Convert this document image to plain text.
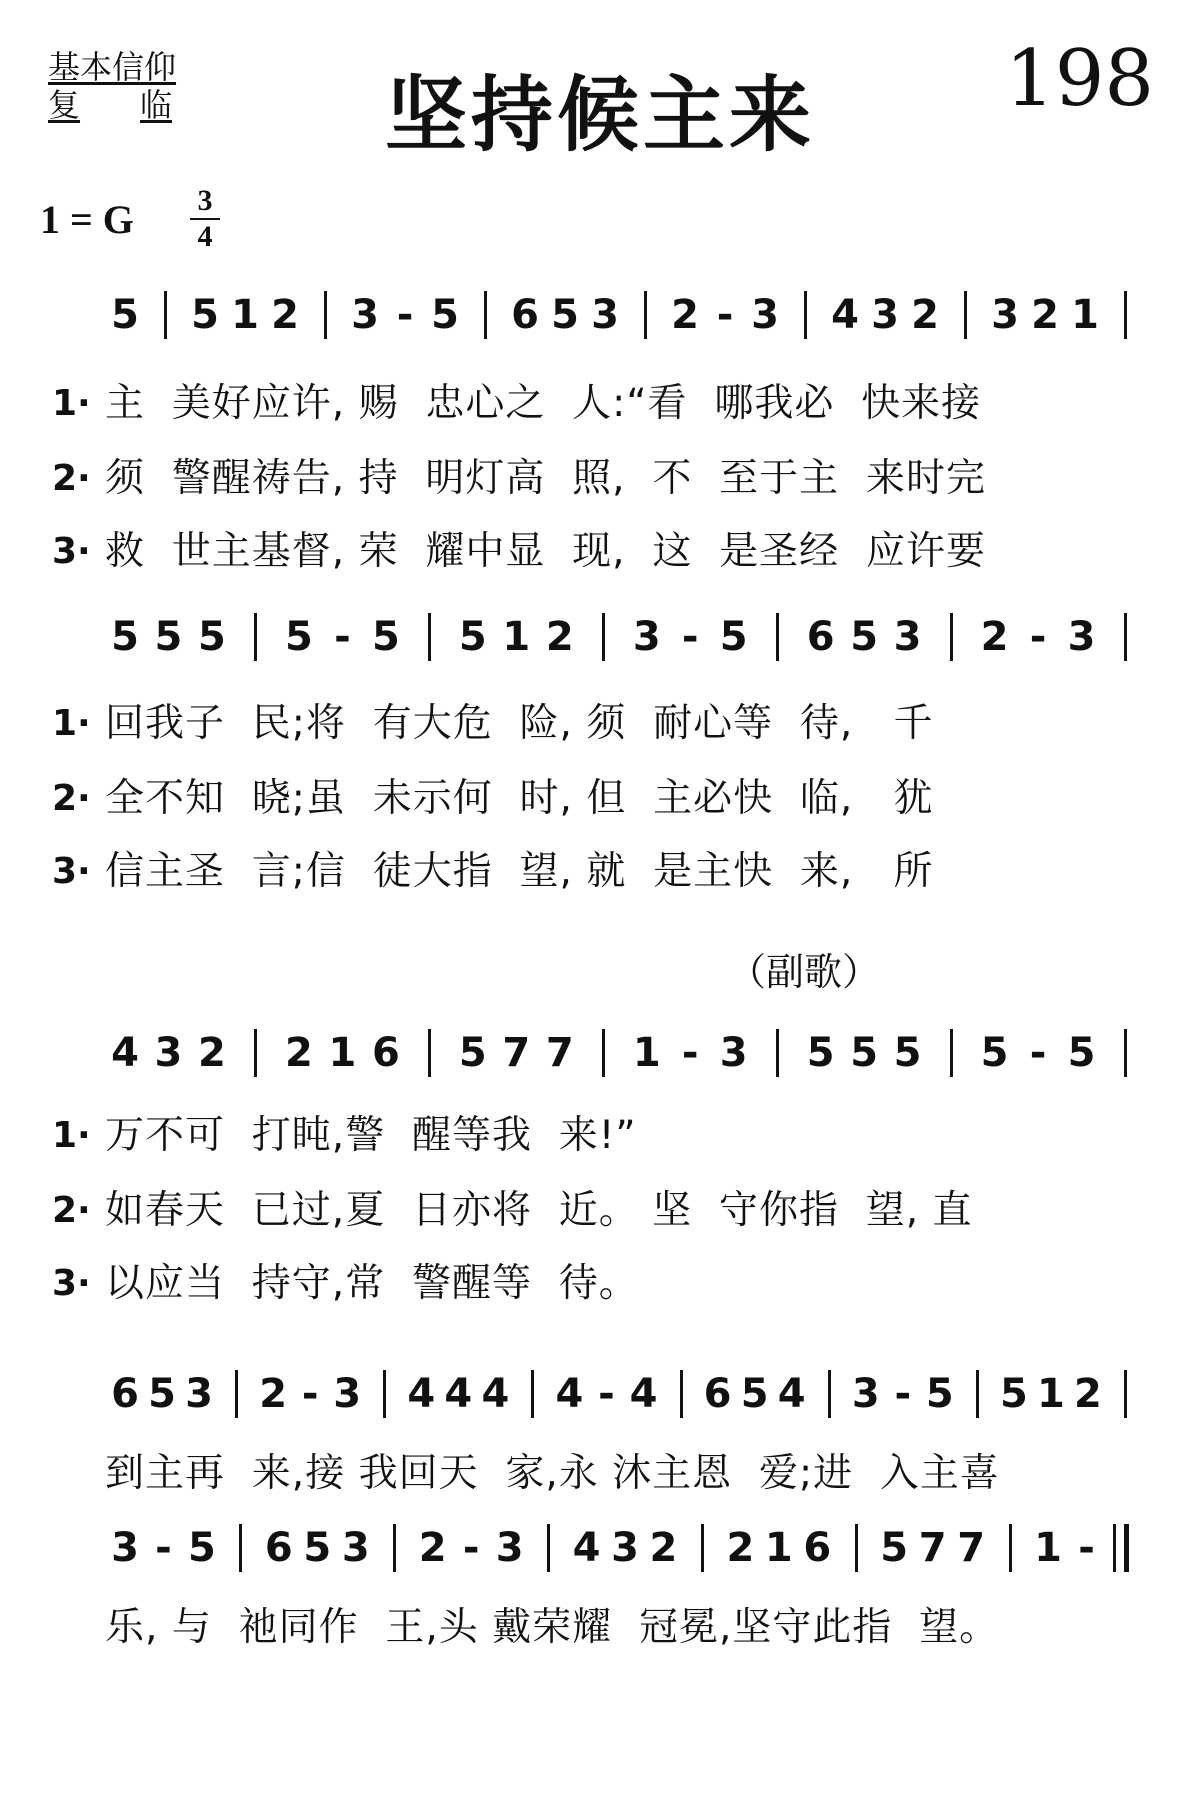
基本信仰
复 临	坚持候主来	198
1 = G 3
4
（副歌）
5 5 1 2 3 - 5 6 5 3 2 - 3 4 3 2 3 2 1
1· 主  美好应许, 赐  忠心之  人:“看  哪我必  快来接
2· 须  警醒祷告, 持  明灯高  照,  不  至于主  来时完
3· 救  世主基督, 荣  耀中显  现,  这  是圣经  应许要
5 5 5 5 - 5 5 1 2 3 - 5 6 5 3 2 - 3
1· 回我子  民;将  有大危  险, 须  耐心等  待,   千
2· 全不知  晓;虽  未示何  时, 但  主必快  临,   犹
3· 信主圣  言;信  徒大指  望, 就  是主快  来,   所
4 3 2 2 1 6 5 7 7 1 - 3 5 5 5 5 - 5
1· 万不可  打盹,警  醒等我  来!”
2· 如春天  已过,夏  日亦将  近。 坚  守你指  望, 直
3· 以应当  持守,常  警醒等  待。
6 5 3 2 - 3 4 4 4 4 - 4 6 5 4 3 - 5 5 1 2
到主再  来,接 我回天  家,永 沐主恩  爱;进  入主喜
3 - 5 6 5 3 2 - 3 4 3 2 2 1 6 5 7 7 1 -
乐, 与  祂同作  王,头 戴荣耀  冠冕,坚守此指  望。
